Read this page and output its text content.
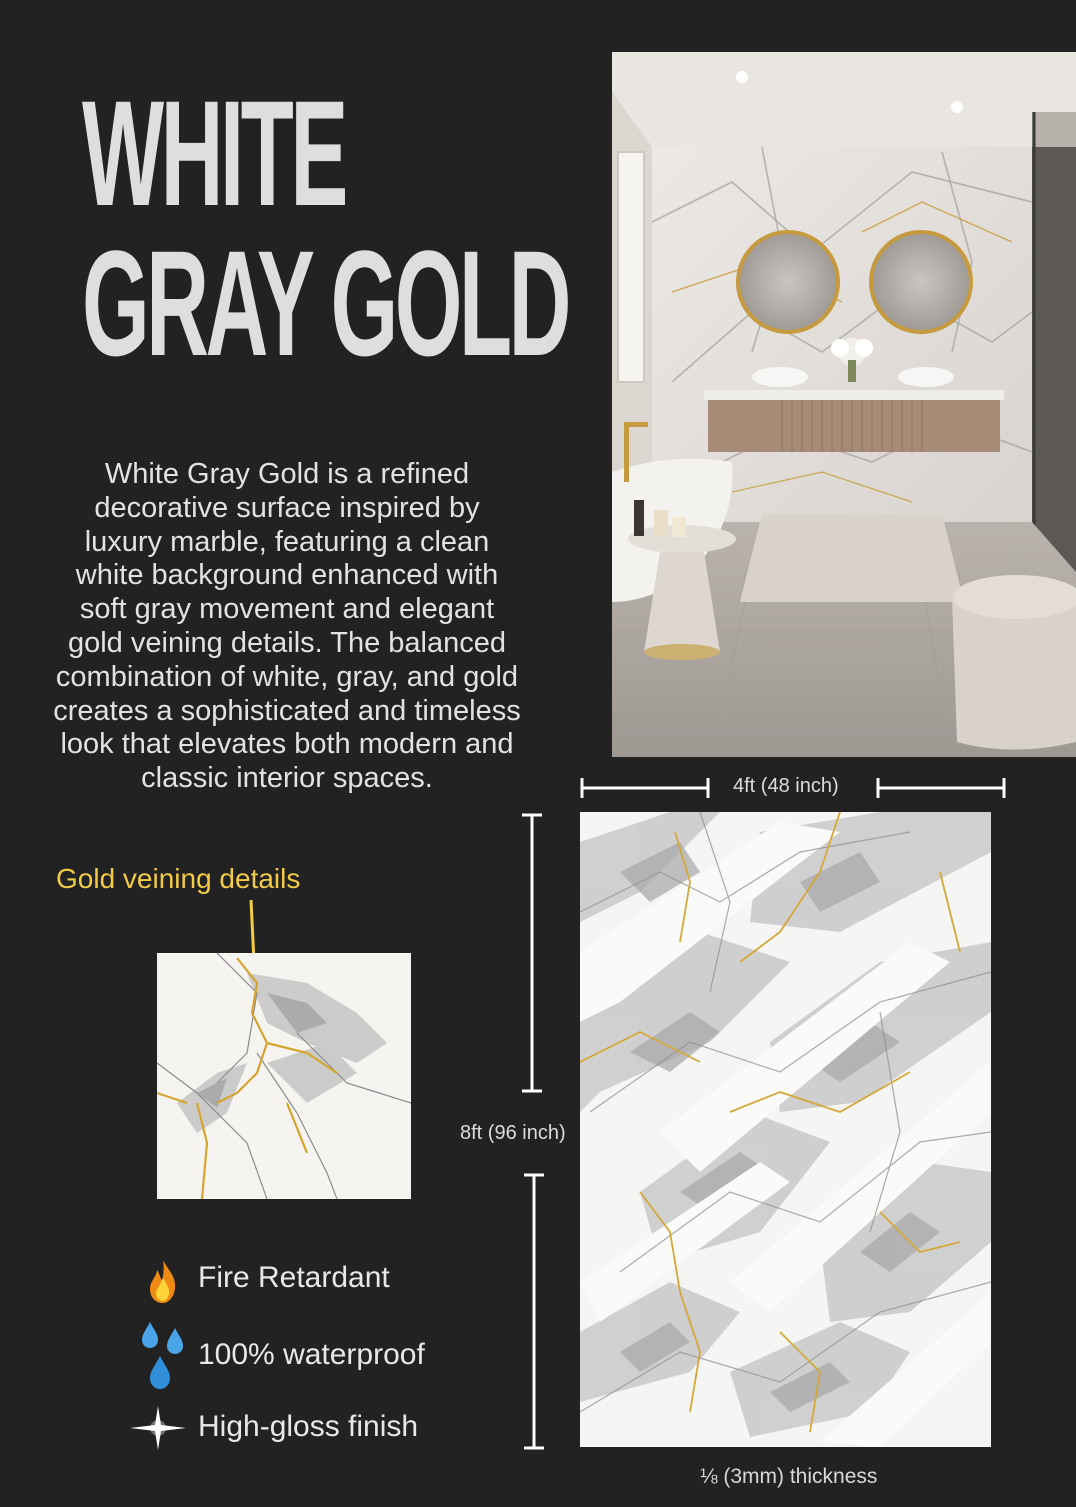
WHITE
GRAY GOLD
White Gray Gold is a refined decorative surface inspired by luxury marble, featuring a clean white background enhanced with soft gray movement and elegant gold veining details. The balanced combination of white, gray, and gold creates a sophisticated and timeless look that elevates both modern and classic interior spaces.	4ft (48 inch)
8ft (96 inch)
Gold veining details
Fire Retardant
100% waterproof
High-gloss finish
⅛ (3mm) thickness
